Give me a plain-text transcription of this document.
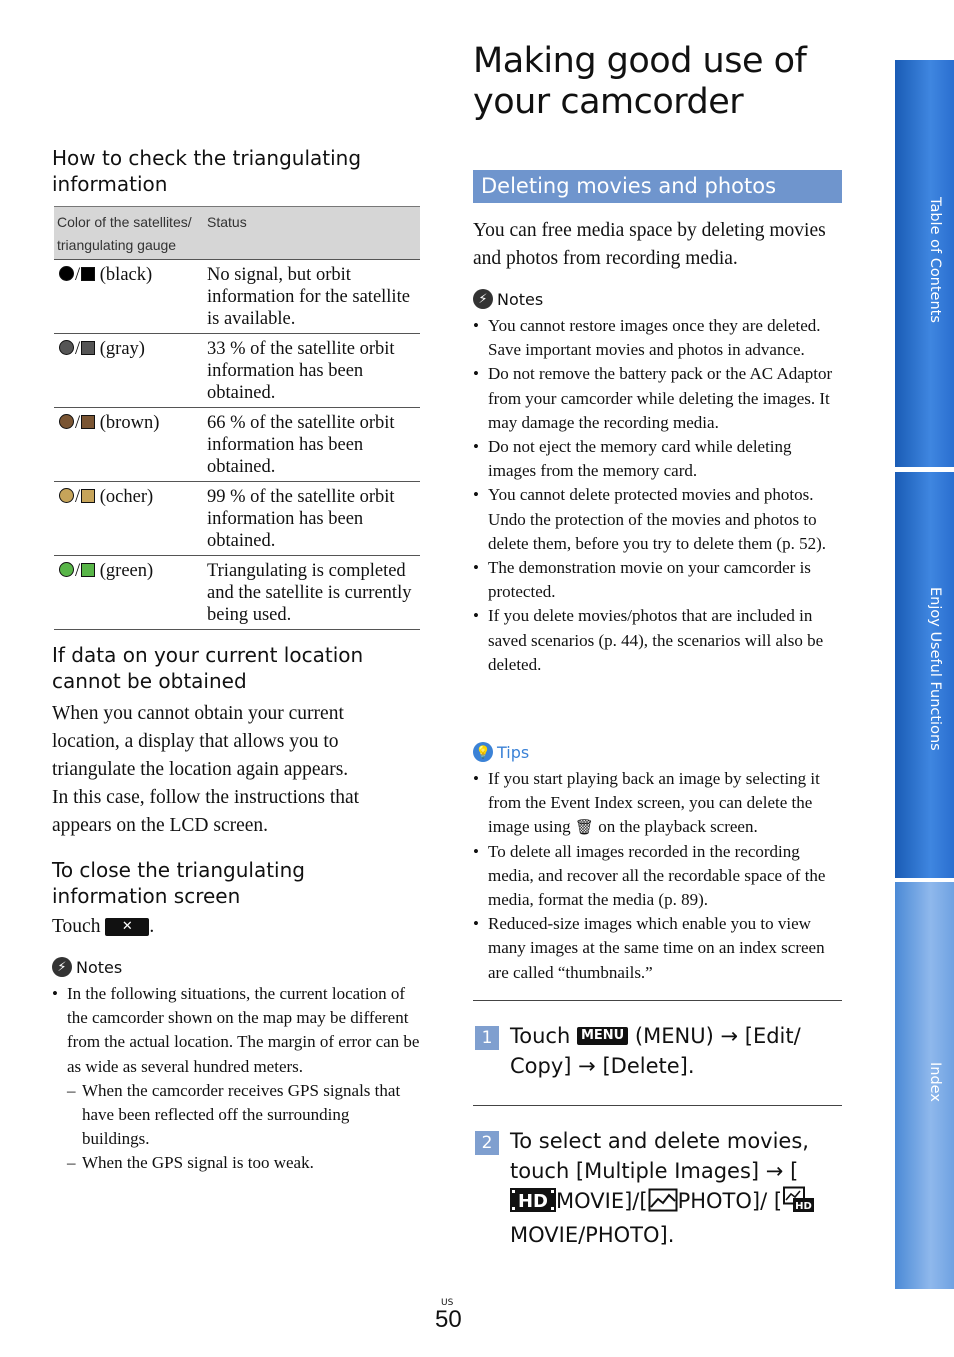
How to check the triangulating information
Color of the satellites/ triangulating gauge	Status
/ (black)	No signal, but orbit information for the satellite is available.
/ (gray)	33 % of the satellite orbit information has been obtained.
/ (brown)	66 % of the satellite orbit information has been obtained.
/ (ocher)	99 % of the satellite orbit information has been obtained.
/ (green)	Triangulating is completed and the satellite is currently being used.
If data on your current location cannot be obtained
When you cannot obtain your current location, a display that allows you to triangulate the location again appears.
In this case, follow the instructions that appears on the LCD screen.
To close the triangulating information screen
Touch ✕ .
⚡ Notes
• In the following situations, the current location of the camcorder shown on the map may be different from the actual location. The margin of error can be as wide as several hundred meters.
– When the camcorder receives GPS signals that have been reflected off the surrounding buildings.
– When the GPS signal is too weak.
Making good use of
your camcorder
Deleting movies and photos
You can free media space by deleting movies and photos from recording media.
⚡ Notes
• You cannot restore images once they are deleted. Save important movies and photos in advance.
• Do not remove the battery pack or the AC Adaptor from your camcorder while deleting the images. It may damage the recording media.
• Do not eject the memory card while deleting images from the memory card.
• You cannot delete protected movies and photos. Undo the protection of the movies and photos to delete them, before you try to delete them (p. 52).
• The demonstration movie on your camcorder is protected.
• If you delete movies/photos that are included in saved scenarios (p. 44), the scenarios will also be deleted.
💡 Tips
• If you start playing back an image by selecting it from the Event Index screen, you can delete the image using 🗑 on the playback screen.
• To delete all images recorded in the recording media, and recover all the recordable space of the media, format the media (p. 89).
• Reduced-size images which enable you to view many images at the same time on an index screen are called “thumbnails.”
1 Touch MENU (MENU) → [Edit/ Copy] → [Delete].
2 To select and delete movies, touch [Multiple Images] → [
HD MOVIE]/[ PHOTO]/ [ HD
MOVIE/PHOTO].
Table of Contents
Enjoy Useful Functions
Index
US
50
